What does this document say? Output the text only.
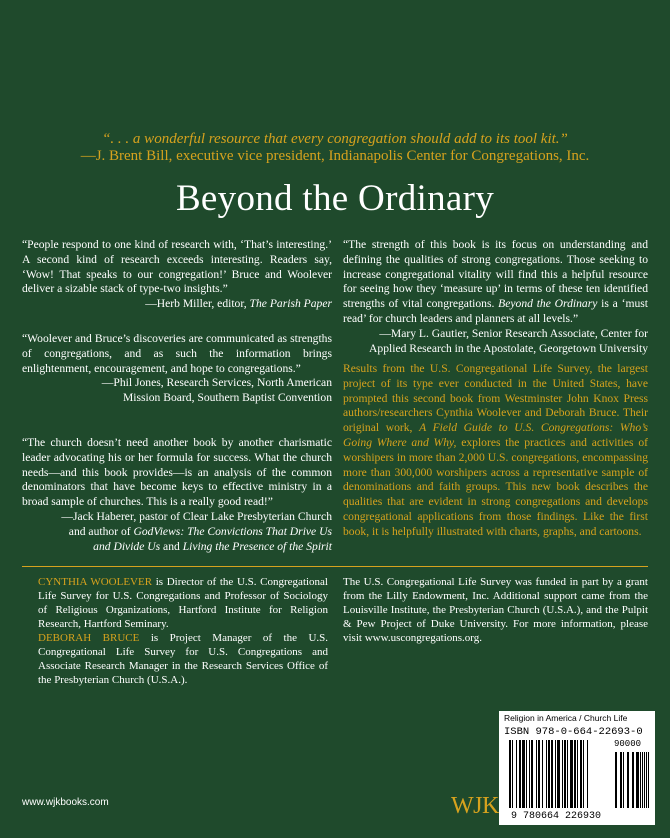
“. . . a wonderful resource that every congregation should add to its tool kit.”
—J. Brent Bill, executive vice president, Indianapolis Center for Congregations, Inc.
Beyond the Ordinary

“People respond to one kind of research with, ‘That’s interesting.’ A second kind of research exceeds interesting. Readers say, ‘Wow! That speaks to our congregation!’ Bruce and Woolever deliver a sizable stack of type-two insights.”

—Herb Miller, editor, The Parish Paper

“Woolever and Bruce’s discoveries are communicated as strengths of congregations, and as such the information brings enlightenment, encouragement, and hope to congregations.”

—Phil Jones, Research Services, North American

Mission Board, Southern Baptist Convention

“The church doesn’t need another book by another charismatic leader advocating his or her formula for success. What the church needs—and this book provides—is an analysis of the common denominators that have become keys to effective ministry in a broad sample of churches. This is a really good read!”

—Jack Haberer, pastor of Clear Lake Presbyterian Church

and author of GodViews: The Convictions That Drive Us

and Divide Us and Living the Presence of the Spirit

“The strength of this book is its focus on understanding and defining the qualities of strong congregations. Those seeking to increase congregational vitality will find this a helpful resource for seeing how they ‘measure up’ in terms of these ten identified strengths of vital congregations. Beyond the Ordinary is a ‘must read’ for church leaders and planners at all levels.”

—Mary L. Gautier, Senior Research Associate, Center for

Applied Research in the Apostolate, Georgetown University

Results from the U.S. Congregational Life Survey, the largest project of its type ever conducted in the United States, have prompted this second book from Westminster John Knox Press authors/researchers Cynthia Woolever and Deborah Bruce. Their original work, A Field Guide to U.S. Congregations: Who’s Going Where and Why, explores the practices and activities of worshipers in more than 2,000 U.S. congregations, encompassing more than 300,000 worshipers across a representative sample of denominations and faith groups. This new book describes the qualities that are evident in strong congregations and develops congregational applications from those findings. Like the first book, it is helpfully illustrated with charts, graphs, and cartoons.

CYNTHIA WOOLEVER is Director of the U.S. Congregational Life Survey for U.S. Congregations and Professor of Sociology of Religious Organizations, Hartford Institute for Religion Research, Hartford Seminary.
DEBORAH BRUCE is Project Manager of the U.S. Congregational Life Survey for U.S. Congregations and Associate Research Manager in the Research Services Office of the Presbyterian Church (U.S.A.).
The U.S. Congregational Life Survey was funded in part by a grant from the Lilly Endowment, Inc. Additional support came from the Louisville Institute, the Presbyterian Church (U.S.A.), and the Pulpit & Pew Project of Duke University. For more information, please visit www.uscongregations.org.
www.wjkbooks.com	WJK
Religion in America / Church Life
ISBN 978-0-664-22693-0
90000
9 780664 226930
